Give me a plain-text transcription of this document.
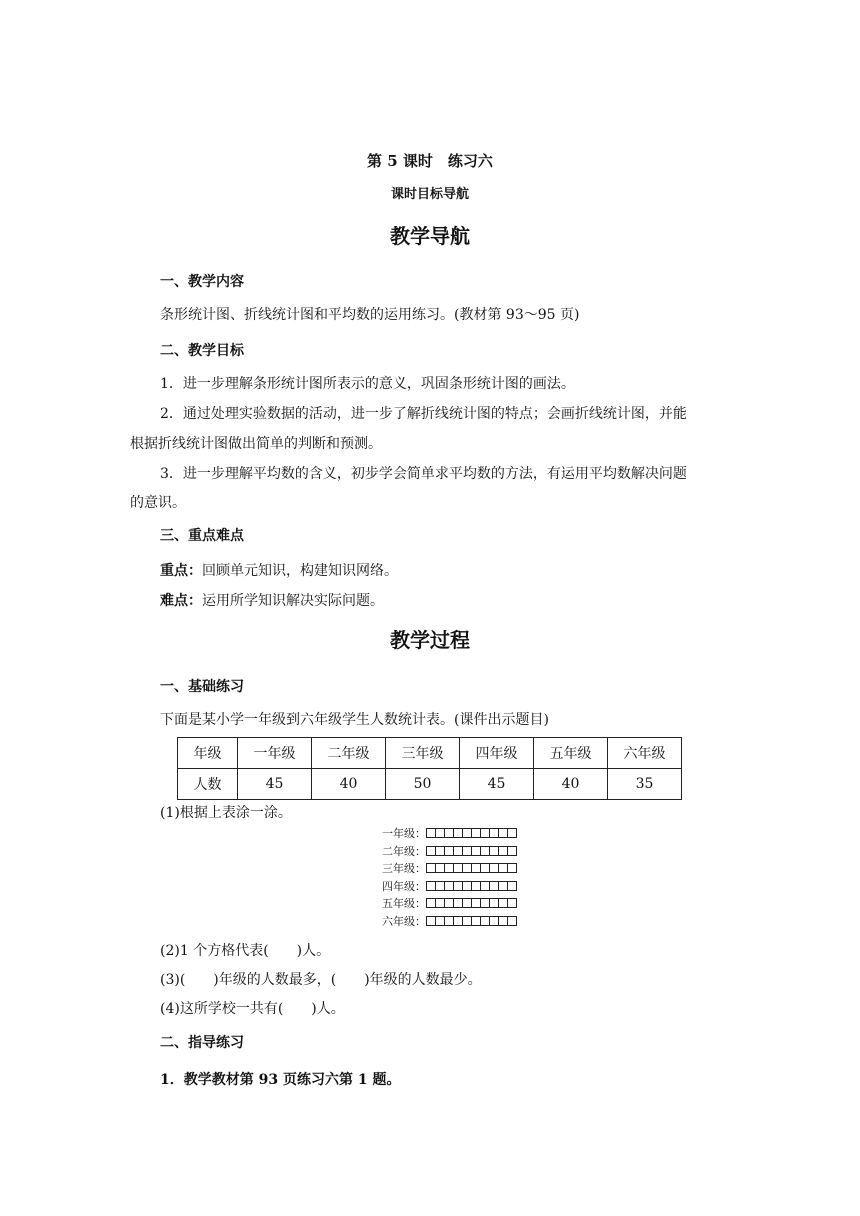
第 5 课时　练习六
课时目标导航
教学导航
一、教学内容
条形统计图、折线统计图和平均数的运用练习。(教材第 93～95 页)
二、教学目标
1．进一步理解条形统计图所表示的意义，巩固条形统计图的画法。
2．通过处理实验数据的活动，进一步了解折线统计图的特点；会画折线统计图，并能
根据折线统计图做出简单的判断和预测。
3．进一步理解平均数的含义，初步学会简单求平均数的方法，有运用平均数解决问题
的意识。
三、重点难点
重点：回顾单元知识，构建知识网络。
难点：运用所学知识解决实际问题。
教学过程
一、基础练习
下面是某小学一年级到六年级学生人数统计表。(课件出示题目)
年级	一年级	二年级	三年级	四年级	五年级	六年级
人数	45	40	50	45	40	35
(1)根据上表涂一涂。
一年级：
二年级：
三年级：
四年级：
五年级：
六年级：
(2)1 个方格代表(　　)人。
(3)(　　)年级的人数最多，(　　)年级的人数最少。
(4)这所学校一共有(　　)人。
二、指导练习
1．教学教材第 93 页练习六第 1 题。
